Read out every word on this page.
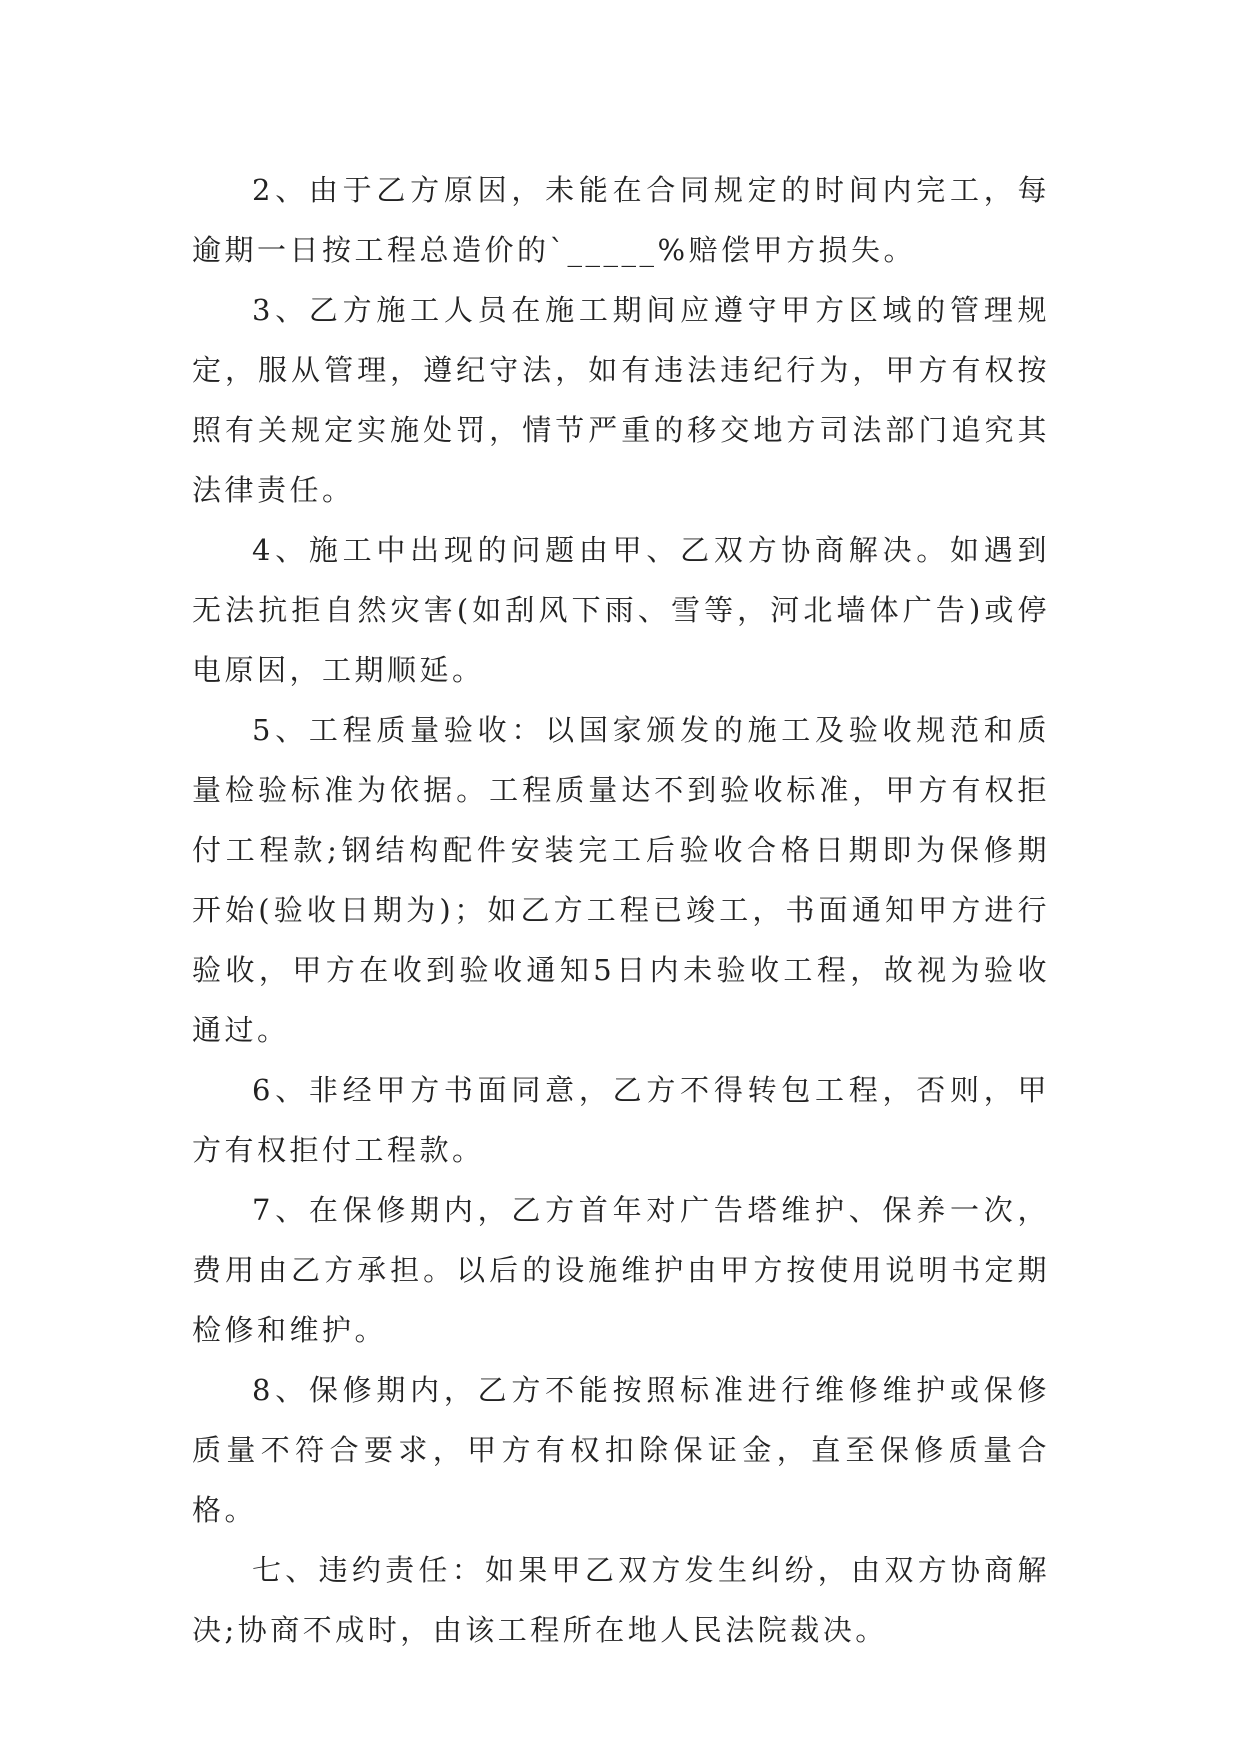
2、由于乙方原因，未能在合同规定的时间内完工，每逾期一日按工程总造价的`_____%赔偿甲方损失。

3、乙方施工人员在施工期间应遵守甲方区域的管理规定，服从管理，遵纪守法，如有违法违纪行为，甲方有权按照有关规定实施处罚，情节严重的移交地方司法部门追究其法律责任。

4、施工中出现的问题由甲、乙双方协商解决。如遇到无法抗拒自然灾害(如刮风下雨、雪等，河北墙体广告)或停电原因，工期顺延。

5、工程质量验收：以国家颁发的施工及验收规范和质量检验标准为依据。工程质量达不到验收标准，甲方有权拒付工程款;钢结构配件安装完工后验收合格日期即为保修期开始(验收日期为)；如乙方工程已竣工，书面通知甲方进行验收，甲方在收到验收通知5日内未验收工程，故视为验收通过。

6、非经甲方书面同意，乙方不得转包工程，否则，甲方有权拒付工程款。

7、在保修期内，乙方首年对广告塔维护、保养一次，费用由乙方承担。以后的设施维护由甲方按使用说明书定期检修和维护。

8、保修期内，乙方不能按照标准进行维修维护或保修质量不符合要求，甲方有权扣除保证金，直至保修质量合格。

七、违约责任：如果甲乙双方发生纠纷，由双方协商解决;协商不成时，由该工程所在地人民法院裁决。
